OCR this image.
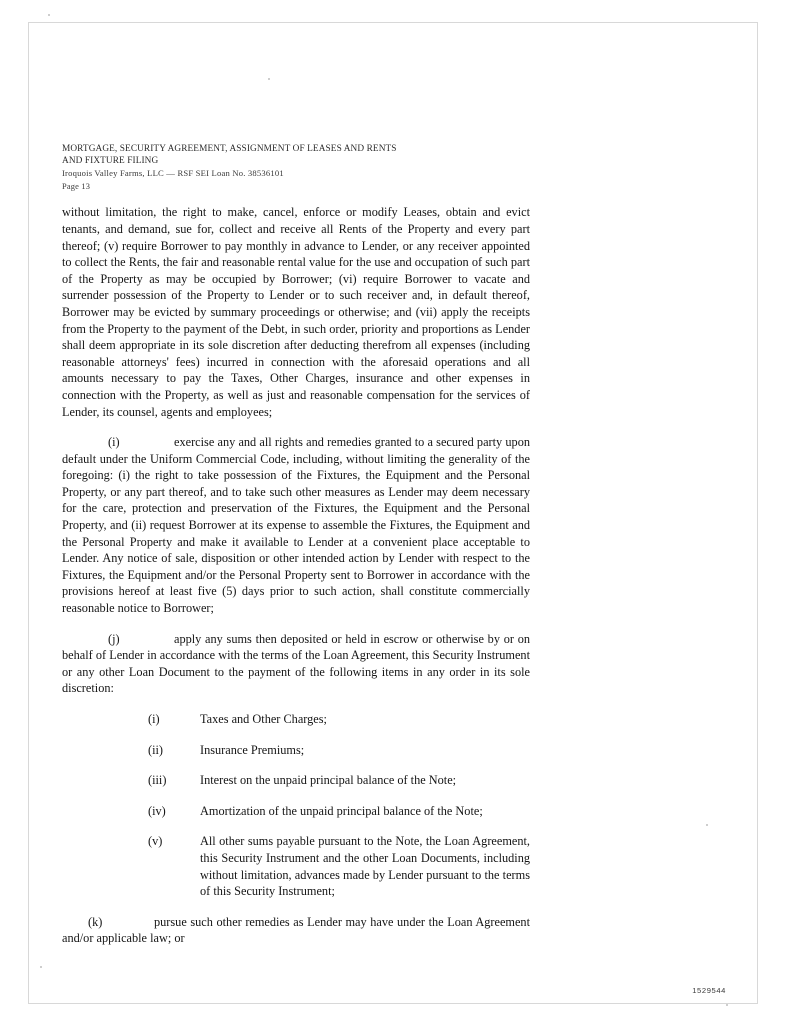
MORTGAGE, SECURITY AGREEMENT, ASSIGNMENT OF LEASES AND RENTS
AND FIXTURE FILING
Iroquois Valley Farms, LLC — RSF SEI Loan No. 38536101
Page 13

without limitation, the right to make, cancel, enforce or modify Leases, obtain and evict tenants, and demand, sue for, collect and receive all Rents of the Property and every part thereof; (v) require Borrower to pay monthly in advance to Lender, or any receiver appointed to collect the Rents, the fair and reasonable rental value for the use and occupation of such part of the Property as may be occupied by Borrower; (vi) require Borrower to vacate and surrender possession of the Property to Lender or to such receiver and, in default thereof, Borrower may be evicted by summary proceedings or otherwise; and (vii) apply the receipts from the Property to the payment of the Debt, in such order, priority and proportions as Lender shall deem appropriate in its sole discretion after deducting therefrom all expenses (including reasonable attorneys' fees) incurred in connection with the aforesaid operations and all amounts necessary to pay the Taxes, Other Charges, insurance and other expenses in connection with the Property, as well as just and reasonable compensation for the services of Lender, its counsel, agents and employees;

(i)	exercise any and all rights and remedies granted to a secured party upon default under the Uniform Commercial Code, including, without limiting the generality of the foregoing: (i) the right to take possession of the Fixtures, the Equipment and the Personal Property, or any part thereof, and to take such other measures as Lender may deem necessary for the care, protection and preservation of the Fixtures, the Equipment and the Personal Property, and (ii) request Borrower at its expense to assemble the Fixtures, the Equipment and the Personal Property and make it available to Lender at a convenient place acceptable to Lender. Any notice of sale, disposition or other intended action by Lender with respect to the Fixtures, the Equipment and/or the Personal Property sent to Borrower in accordance with the provisions hereof at least five (5) days prior to such action, shall constitute commercially reasonable notice to Borrower;

(j)	apply any sums then deposited or held in escrow or otherwise by or on behalf of Lender in accordance with the terms of the Loan Agreement, this Security Instrument or any other Loan Document to the payment of the following items in any order in its sole discretion:

(i)	Taxes and Other Charges;
(ii)	Insurance Premiums;
(iii)	Interest on the unpaid principal balance of the Note;
(iv)	Amortization of the unpaid principal balance of the Note;
(v)	All other sums payable pursuant to the Note, the Loan Agreement, this Security Instrument and the other Loan Documents, including without limitation, advances made by Lender pursuant to the terms of this Security Instrument;

(k)	pursue such other remedies as Lender may have under the Loan Agreement and/or applicable law; or

1529544
